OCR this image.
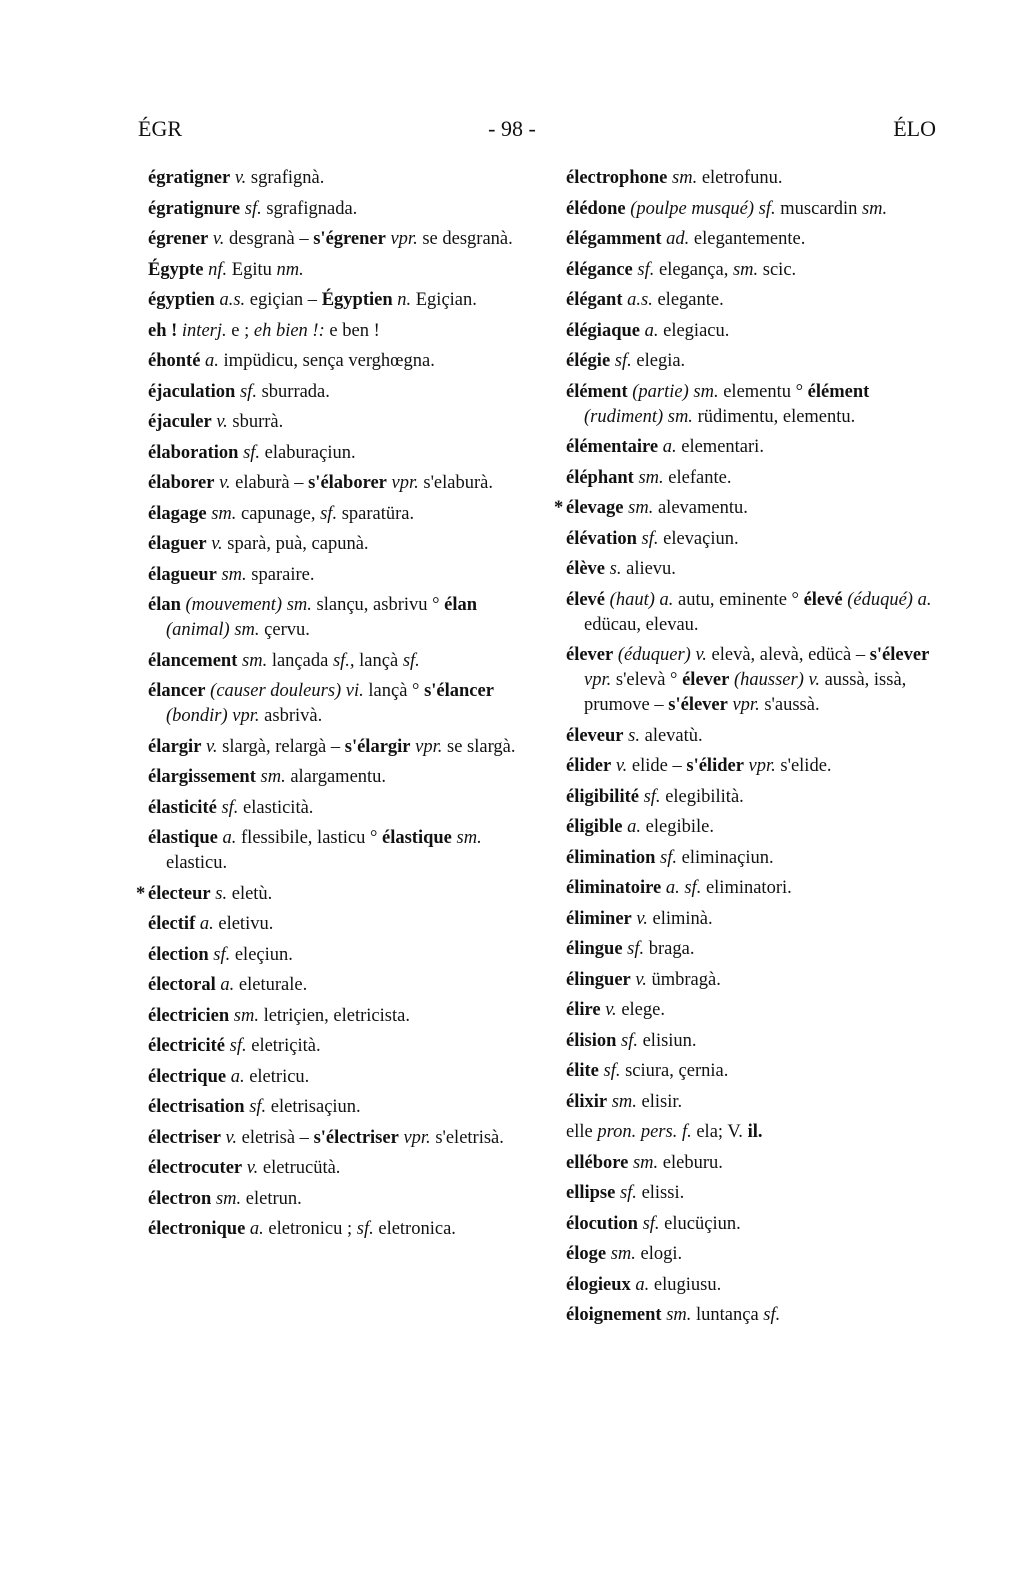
ÉGR	- 98 -	ÉLO
égratigner v. sgrafignà.
égratignure sf. sgrafignada.
égrener v. desgranà – s'égrener vpr. se desgranà.
Égypte nf. Egitu nm.
égyptien a.s. egiçian – Égyptien n. Egiçian.
eh ! interj. e ; eh bien !: e ben !
éhonté a. impüdicu, sença verghœgna.
éjaculation sf. sburrada.
éjaculer v. sburrà.
élaboration sf. elaburaçiun.
élaborer v. elaburà – s'élaborer vpr. s'elaburà.
élagage sm. capunage, sf. sparatüra.
élaguer v. sparà, puà, capunà.
élagueur sm. sparaire.
élan (mouvement) sm. slançu, asbrivu ° élan (animal) sm. çervu.
élancement sm. lançada sf., lançà sf.
élancer (causer douleurs) vi. lançà ° s'élancer (bondir) vpr. asbrivà.
élargir v. slargà, relargà – s'élargir vpr. se slargà.
élargissement sm. alargamentu.
élasticité sf. elasticità.
élastique a. flessibile, lasticu ° élastique sm. elasticu.
* électeur s. eletù.
électif a. eletivu.
élection sf. eleçiun.
électoral a. eleturale.
électricien sm. letriçien, eletricista.
électricité sf. eletriçità.
électrique a. eletricu.
électrisation sf. eletrisaçiun.
électriser v. eletrisà – s'électriser vpr. s'eletrisà.
électrocuter v. eletrucütà.
électron sm. eletrun.
électronique a. eletronicu ; sf. eletronica.
électrophone sm. eletrofunu.
élédone (poulpe musqué) sf. muscardin sm.
élégamment ad. elegantemente.
élégance sf. elegança, sm. scic.
élégant a.s. elegante.
élégiaque a. elegiacu.
élégie sf. elegia.
élément (partie) sm. elementu ° élément (rudiment) sm. rüdimentu, elementu.
élémentaire a. elementari.
éléphant sm. elefante.
* élevage sm. alevamentu.
élévation sf. elevaçiun.
élève s. alievu.
élevé (haut) a. autu, eminente ° élevé (éduqué) a. edücau, elevau.
élever (éduquer) v. elevà, alevà, edücà – s'élever vpr. s'elevà ° élever (hausser) v. aussà, issà, prumove – s'élever vpr. s'aussà.
éleveur s. alevatù.
élider v. elide – s'élider vpr. s'elide.
éligibilité sf. elegibilità.
éligible a. elegibile.
élimination sf. eliminaçiun.
éliminatoire a. sf. eliminatori.
éliminer v. eliminà.
élingue sf. braga.
élinguer v. ümbragà.
élire v. elege.
élision sf. elisiun.
élite sf. sciura, çernia.
élixir sm. elisir.
elle pron. pers. f. ela; V. il.
ellébore sm. eleburu.
ellipse sf. elissi.
élocution sf. elucüçiun.
éloge sm. elogi.
élogieux a. elugiusu.
éloignement sm. luntança sf.
